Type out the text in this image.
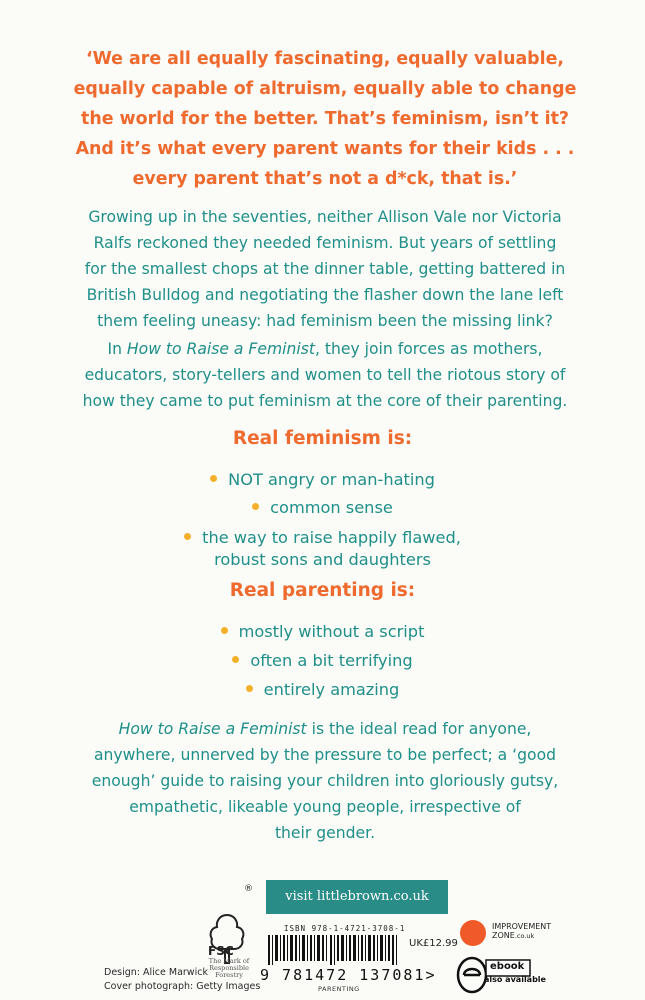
‘We are all equally fascinating, equally valuable,
equally capable of altruism, equally able to change
the world for the better. That’s feminism, isn’t it?
And it’s what every parent wants for their kids . . .
every parent that’s not a d*ck, that is.’
Growing up in the seventies, neither Allison Vale nor Victoria
Ralfs reckoned they needed feminism. But years of settling
for the smallest chops at the dinner table, getting battered in
British Bulldog and negotiating the flasher down the lane left
them feeling uneasy: had feminism been the missing link?
In How to Raise a Feminist, they join forces as mothers,
educators, story-tellers and women to tell the riotous story of
how they came to put feminism at the core of their parenting.
Real feminism is:
NOT angry or man-hating
common sense
the way to raise happily flawed,
robust sons and daughters
Real parenting is:
mostly without a script
often a bit terrifying
entirely amazing
How to Raise a Feminist is the ideal read for anyone,
anywhere, unnerved by the pressure to be perfect; a ‘good
enough’ guide to raising your children into gloriously gutsy,
empathetic, likeable young people, irrespective of
their gender.
Design: Alice Marwick
Cover photograph: Getty Images
®
FSC
The Mark of
Responsible
Forestry
visit littlebrown.co.uk
ISBN 978-1-4721-3708-1
UK£12.99
9 781472 137081>
PARENTING
IMPROVEMENT
ZONE.co.uk
ebook
also available
